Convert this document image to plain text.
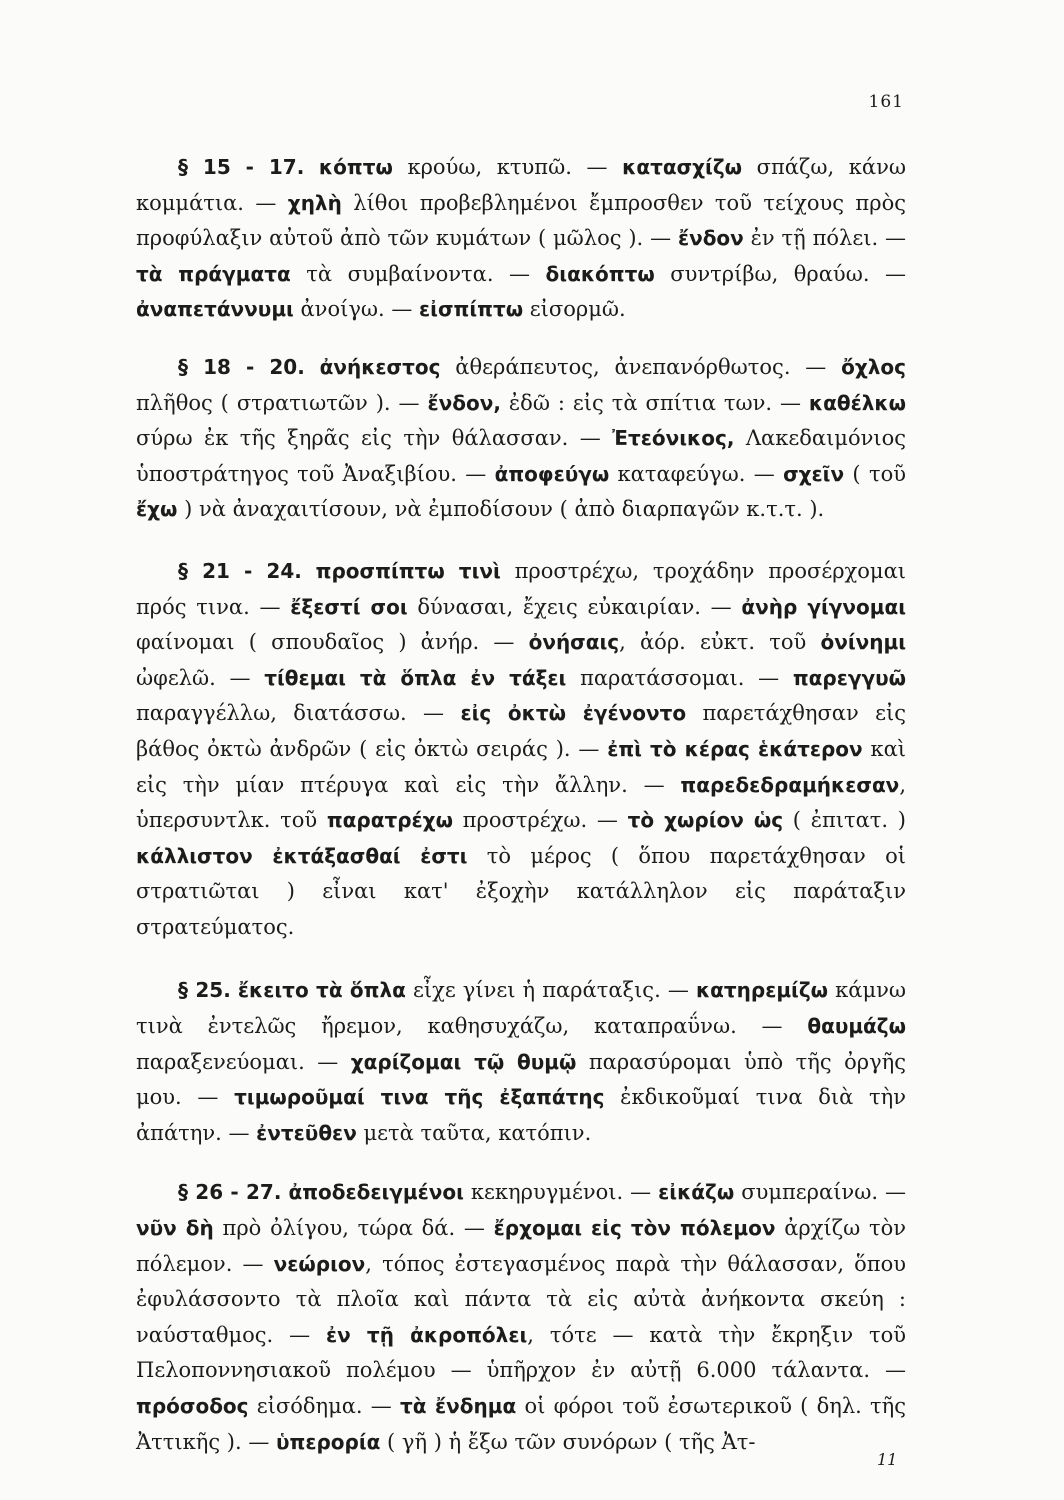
161

§ 15 - 17. κόπτω κρούω, κτυπῶ. — κατασχίζω σπάζω, κάνω κομμάτια. — χηλὴ λίθοι προβεβλημένοι ἔμπροσθεν τοῦ τείχους πρὸς προφύλαξιν αὐτοῦ ἀπὸ τῶν κυμάτων ( μῶλος ). — ἔνδον ἐν τῇ πόλει. — τὰ πράγματα τὰ συμβαίνοντα. — διακόπτω συντρίβω, θραύω. — ἀναπετάννυμι ἀνοίγω. — εἰσπίπτω εἰσορμῶ.

§ 18 - 20. ἀνήκεστος ἀθεράπευτος, ἀνεπανόρθωτος. — ὄχλος πλῆθος ( στρατιωτῶν ). — ἔνδον, ἐδῶ : εἰς τὰ σπίτια των. — καθέλκω σύρω ἐκ τῆς ξηρᾶς εἰς τὴν θάλασσαν. — Ἐτεόνικος, Λακεδαιμόνιος ὑποστράτηγος τοῦ Ἀναξιβίου. — ἀποφεύγω καταφεύγω. — σχεῖν ( τοῦ ἔχω ) νὰ ἀναχαιτίσουν, νὰ ἐμποδίσουν ( ἀπὸ διαρπαγῶν κ.τ.τ. ).

§ 21 - 24. προσπίπτω τινὶ προστρέχω, τροχάδην προσέρχομαι πρός τινα. — ἔξεστί σοι δύνασαι, ἔχεις εὐκαιρίαν. — ἀνὴρ γίγνομαι φαίνομαι ( σπουδαῖος ) ἀνήρ. — ὀνήσαις, ἀόρ. εὐκτ. τοῦ ὀνίνημι ὠφελῶ. — τίθεμαι τὰ ὅπλα ἐν τάξει παρατάσσομαι. — παρεγγυῶ παραγγέλλω, διατάσσω. — εἰς ὀκτὼ ἐγένοντο παρετάχθησαν εἰς βάθος ὀκτὼ ἀνδρῶν ( εἰς ὀκτὼ σειράς ). — ἐπὶ τὸ κέρας ἑκάτερον καὶ εἰς τὴν μίαν πτέρυγα καὶ εἰς τὴν ἄλλην. — παρεδεδραμήκεσαν, ὑπερσυντλκ. τοῦ παρατρέχω προστρέχω. — τὸ χωρίον ὡς ( ἐπιτατ. ) κάλλιστον ἐκτάξασθαί ἐστι τὸ μέρος ( ὅπου παρετάχθησαν οἱ στρατιῶται ) εἶναι κατ' ἐξοχὴν κατάλληλον εἰς παράταξιν στρατεύματος.

§ 25. ἔκειτο τὰ ὅπλα εἶχε γίνει ἡ παράταξις. — κατηρεμίζω κάμνω τινὰ ἐντελῶς ἤρεμον, καθησυχάζω, καταπραΰνω. — θαυμάζω παραξενεύομαι. — χαρίζομαι τῷ θυμῷ παρασύρομαι ὑπὸ τῆς ὀργῆς μου. — τιμωροῦμαί τινα τῆς ἐξαπάτης ἐκδικοῦμαί τινα διὰ τὴν ἀπάτην. — ἐντεῦθεν μετὰ ταῦτα, κατόπιν.

§ 26 - 27. ἀποδεδειγμένοι κεκηρυγμένοι. — εἰκάζω συμπεραίνω. — νῦν δὴ πρὸ ὀλίγου, τώρα δά. — ἔρχομαι εἰς τὸν πόλεμον ἀρχίζω τὸν πόλεμον. — νεώριον, τόπος ἐστεγασμένος παρὰ τὴν θάλασσαν, ὅπου ἐφυλάσσοντο τὰ πλοῖα καὶ πάντα τὰ εἰς αὐτὰ ἀνήκοντα σκεύη : ναύσταθμος. — ἐν τῇ ἀκροπόλει, τότε — κατὰ τὴν ἔκρηξιν τοῦ Πελοποννησιακοῦ πολέμου — ὑπῆρχον ἐν αὐτῇ 6.000 τάλαντα. — πρόσοδος εἰσόδημα. — τὰ ἔνδημα οἱ φόροι τοῦ ἐσωτερικοῦ ( δηλ. τῆς Ἀττικῆς ). — ὑπερορία ( γῆ ) ἡ ἔξω τῶν συνόρων ( τῆς Ἀτ-

11
